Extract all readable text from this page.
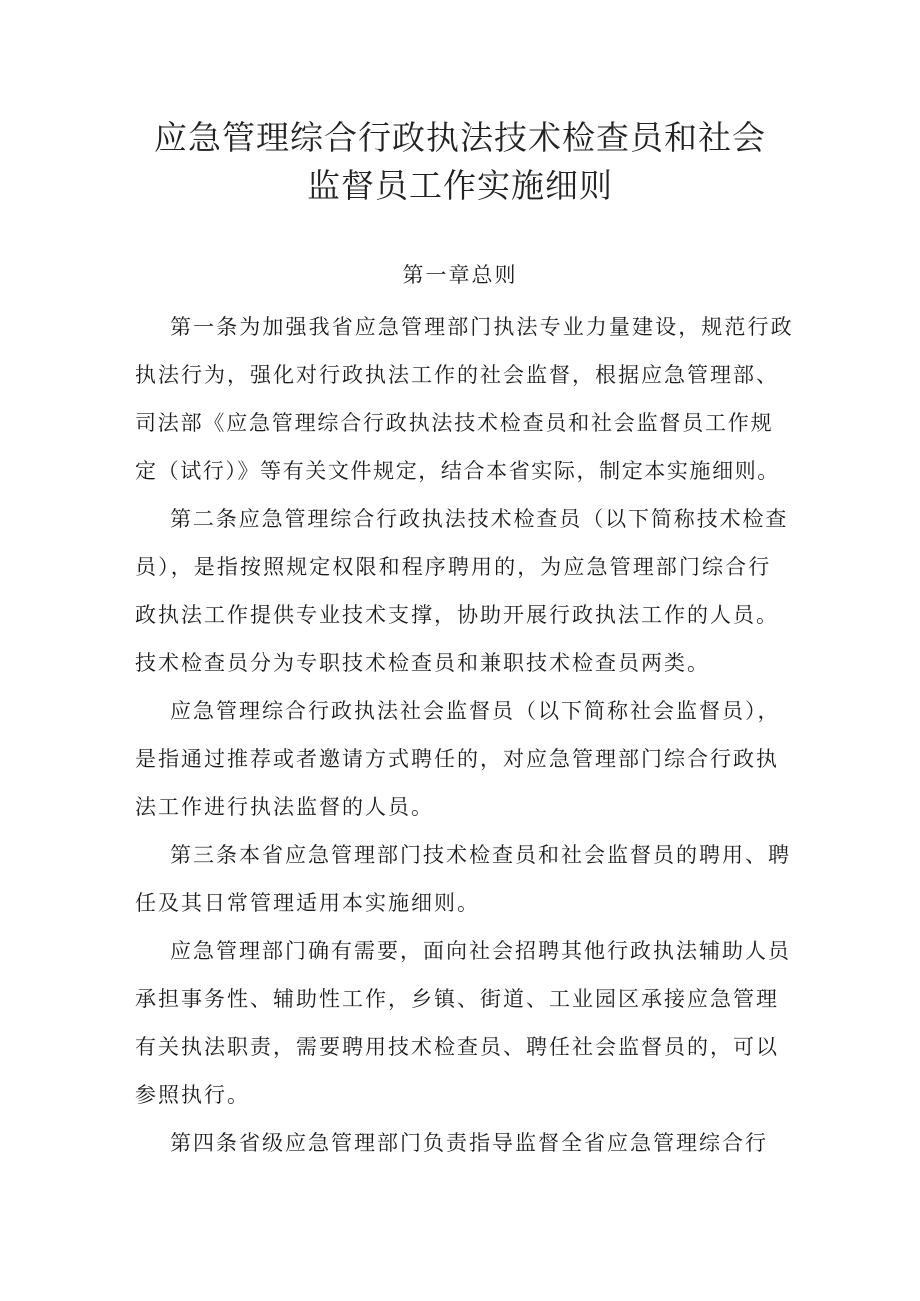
应急管理综合行政执法技术检查员和社会
监督员工作实施细则
第一章总则
第一条为加强我省应急管理部门执法专业力量建设，规范行政
执法行为，强化对行政执法工作的社会监督，根据应急管理部、
司法部《应急管理综合行政执法技术检查员和社会监督员工作规
定（试行）》等有关文件规定，结合本省实际，制定本实施细则。
第二条应急管理综合行政执法技术检查员（以下简称技术检查
员），是指按照规定权限和程序聘用的，为应急管理部门综合行
政执法工作提供专业技术支撑，协助开展行政执法工作的人员。
技术检查员分为专职技术检查员和兼职技术检查员两类。
应急管理综合行政执法社会监督员（以下简称社会监督员），
是指通过推荐或者邀请方式聘任的，对应急管理部门综合行政执
法工作进行执法监督的人员。
第三条本省应急管理部门技术检查员和社会监督员的聘用、聘
任及其日常管理适用本实施细则。
应急管理部门确有需要，面向社会招聘其他行政执法辅助人员
承担事务性、辅助性工作，乡镇、街道、工业园区承接应急管理
有关执法职责，需要聘用技术检查员、聘任社会监督员的，可以
参照执行。
第四条省级应急管理部门负责指导监督全省应急管理综合行
